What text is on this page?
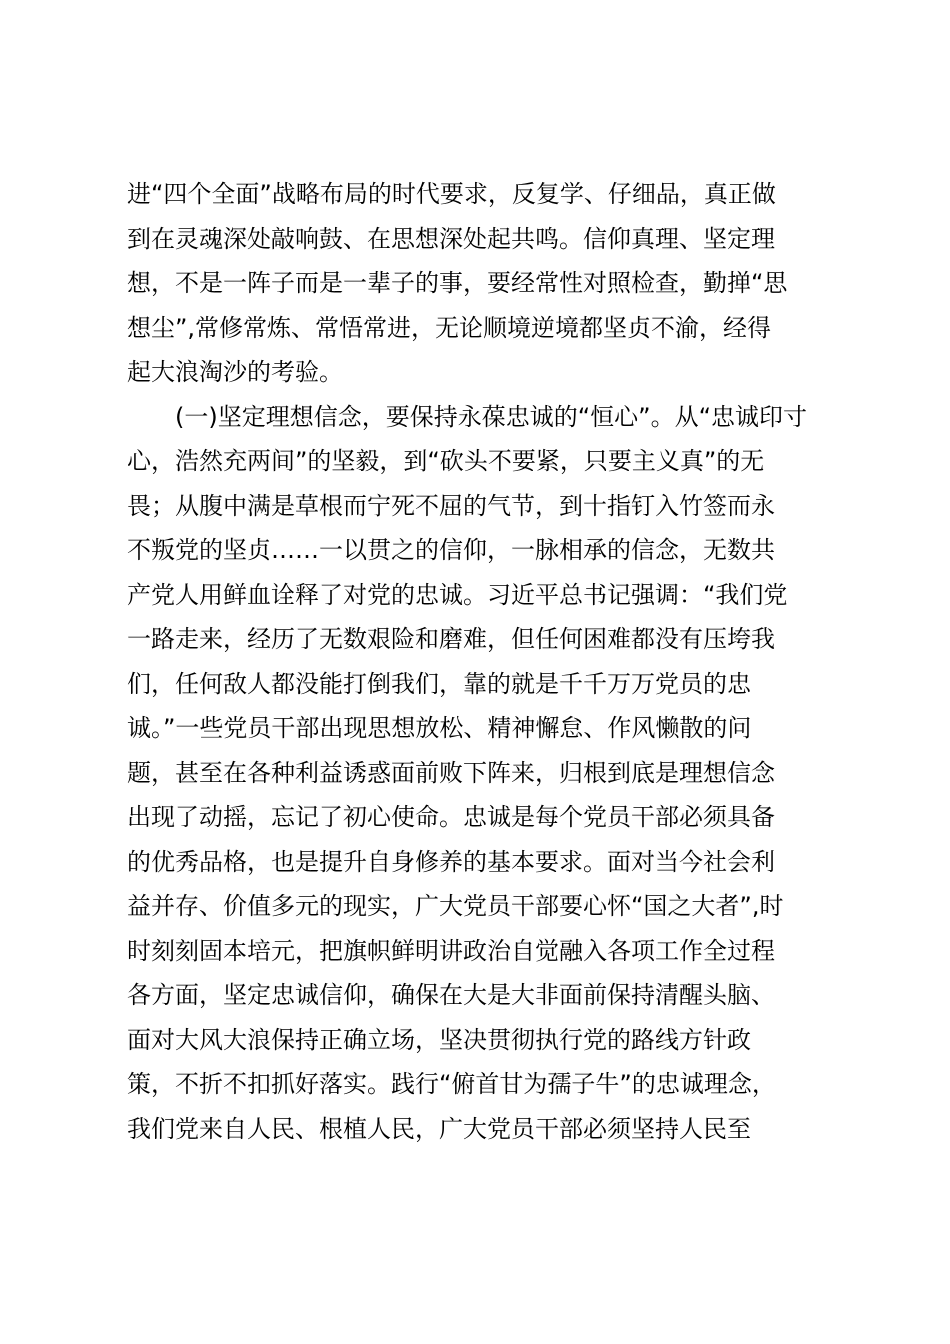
进“四个全面”战略布局的时代要求，反复学、仔细品，真正做
到在灵魂深处敲响鼓、在思想深处起共鸣。信仰真理、坚定理
想，不是一阵子而是一辈子的事，要经常性对照检查，勤掸“思
想尘”,常修常炼、常悟常进，无论顺境逆境都坚贞不渝，经得
起大浪淘沙的考验。
(一)坚定理想信念，要保持永葆忠诚的“恒心”。从“忠诚印寸
心，浩然充两间”的坚毅，到“砍头不要紧，只要主义真”的无
畏；从腹中满是草根而宁死不屈的气节，到十指钉入竹签而永
不叛党的坚贞……一以贯之的信仰，一脉相承的信念，无数共
产党人用鲜血诠释了对党的忠诚。习近平总书记强调：“我们党
一路走来，经历了无数艰险和磨难，但任何困难都没有压垮我
们，任何敌人都没能打倒我们，靠的就是千千万万党员的忠
诚。”一些党员干部出现思想放松、精神懈怠、作风懒散的问
题，甚至在各种利益诱惑面前败下阵来，归根到底是理想信念
出现了动摇，忘记了初心使命。忠诚是每个党员干部必须具备
的优秀品格，也是提升自身修养的基本要求。面对当今社会利
益并存、价值多元的现实，广大党员干部要心怀“国之大者”,时
时刻刻固本培元，把旗帜鲜明讲政治自觉融入各项工作全过程
各方面，坚定忠诚信仰，确保在大是大非面前保持清醒头脑、
面对大风大浪保持正确立场，坚决贯彻执行党的路线方针政
策，不折不扣抓好落实。践行“俯首甘为孺子牛”的忠诚理念，
我们党来自人民、根植人民，广大党员干部必须坚持人民至
